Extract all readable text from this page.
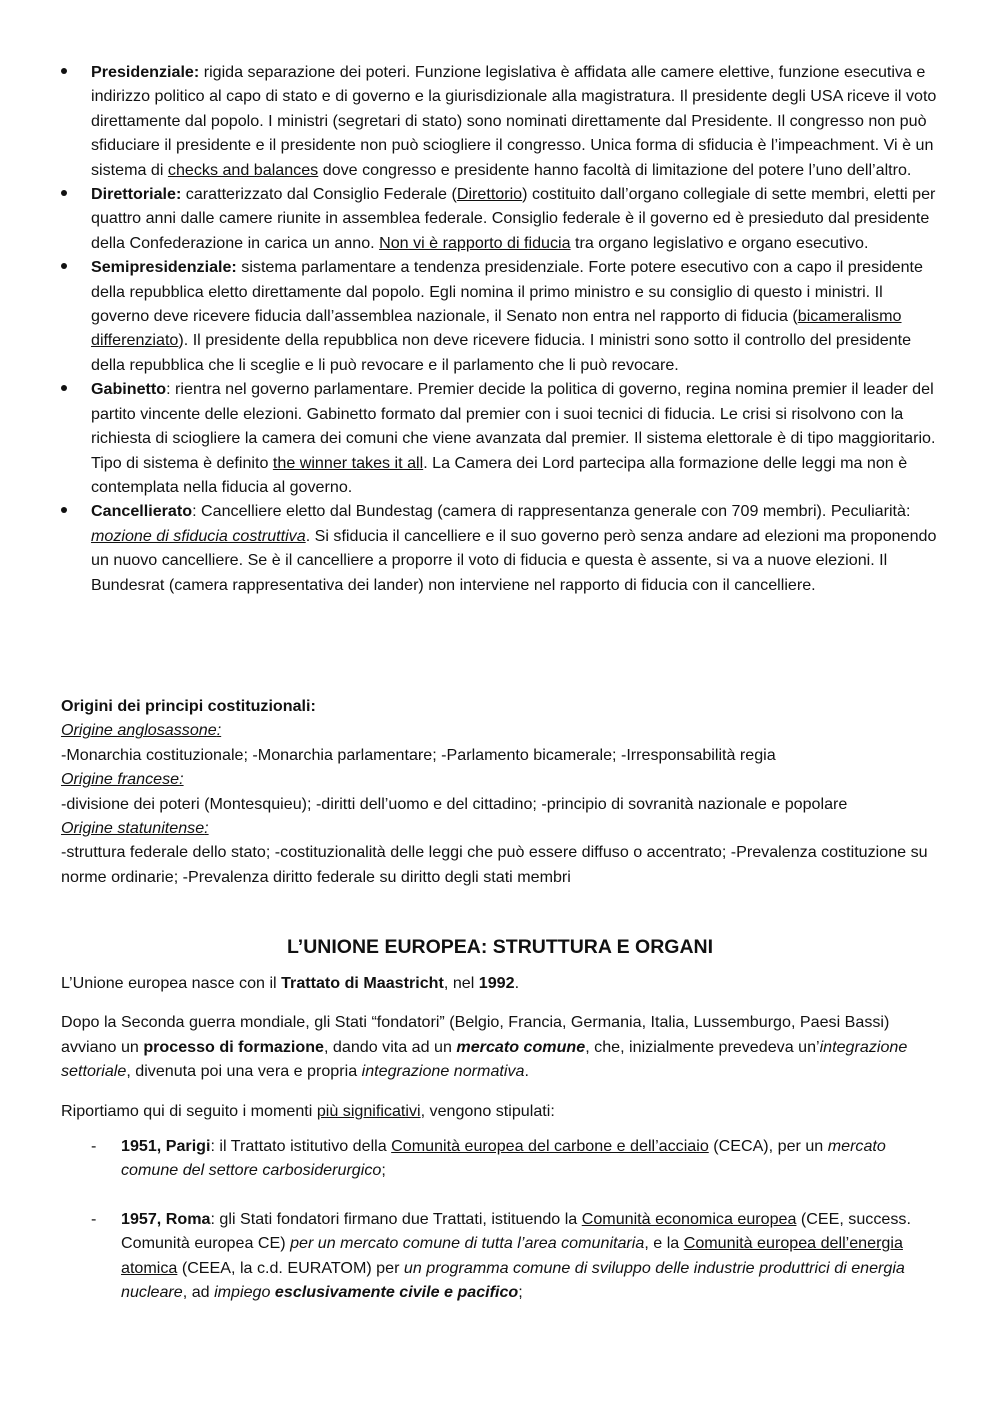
Presidenziale: rigida separazione dei poteri. Funzione legislativa è affidata alle camere elettive, funzione esecutiva e indirizzo politico al capo di stato e di governo e la giurisdizionale alla magistratura. Il presidente degli USA riceve il voto direttamente dal popolo. I ministri (segretari di stato) sono nominati direttamente dal Presidente. Il congresso non può sfiduciare il presidente e il presidente non può sciogliere il congresso. Unica forma di sfiducia è l’impeachment. Vi è un sistema di checks and balances dove congresso e presidente hanno facoltà di limitazione del potere l’uno dell’altro.
Direttoriale: caratterizzato dal Consiglio Federale (Direttorio) costituito dall’organo collegiale di sette membri, eletti per quattro anni dalle camere riunite in assemblea federale. Consiglio federale è il governo ed è presieduto dal presidente della Confederazione in carica un anno. Non vi è rapporto di fiducia tra organo legislativo e organo esecutivo.
Semipresidenziale: sistema parlamentare a tendenza presidenziale. Forte potere esecutivo con a capo il presidente della repubblica eletto direttamente dal popolo. Egli nomina il primo ministro e su consiglio di questo i ministri. Il governo deve ricevere fiducia dall’assemblea nazionale, il Senato non entra nel rapporto di fiducia (bicameralismo differenziato). Il presidente della repubblica non deve ricevere fiducia. I ministri sono sotto il controllo del presidente della repubblica che li sceglie e li può revocare e il parlamento che li può revocare.
Gabinetto: rientra nel governo parlamentare. Premier decide la politica di governo, regina nomina premier il leader del partito vincente delle elezioni. Gabinetto formato dal premier con i suoi tecnici di fiducia. Le crisi si risolvono con la richiesta di sciogliere la camera dei comuni che viene avanzata dal premier. Il sistema elettorale è di tipo maggioritario. Tipo di sistema è definito the winner takes it all. La Camera dei Lord partecipa alla formazione delle leggi ma non è contemplata nella fiducia al governo.
Cancellierato: Cancelliere eletto dal Bundestag (camera di rappresentanza generale con 709 membri). Peculiarità: mozione di sfiducia costruttiva. Si sfiducia il cancelliere e il suo governo però senza andare ad elezioni ma proponendo un nuovo cancelliere. Se è il cancelliere a proporre il voto di fiducia e questa è assente, si va a nuove elezioni. Il Bundesrat (camera rappresentativa dei lander) non interviene nel rapporto di fiducia con il cancelliere.

Origini dei principi costituzionali:

Origine anglosassone:

-Monarchia costituzionale; -Monarchia parlamentare; -Parlamento bicamerale; -Irresponsabilità regia

Origine francese:

-divisione dei poteri (Montesquieu); -diritti dell’uomo e del cittadino; -principio di sovranità nazionale e popolare

Origine statunitense:

-struttura federale dello stato; -costituzionalità delle leggi che può essere diffuso o accentrato; -Prevalenza costituzione su norme ordinarie; -Prevalenza diritto federale su diritto degli stati membri

L’UNIONE EUROPEA: STRUTTURA E ORGANI

L’Unione europea nasce con il Trattato di Maastricht, nel 1992.

Dopo la Seconda guerra mondiale, gli Stati “fondatori” (Belgio, Francia, Germania, Italia, Lussemburgo, Paesi Bassi) avviano un processo di formazione, dando vita ad un mercato comune, che, inizialmente prevedeva un’integrazione settoriale, divenuta poi una vera e propria integrazione normativa.

Riportiamo qui di seguito i momenti più significativi, vengono stipulati:

- 1951, Parigi: il Trattato istitutivo della Comunità europea del carbone e dell’acciaio (CECA), per un mercato comune del settore carbosiderurgico;
- 1957, Roma: gli Stati fondatori firmano due Trattati, istituendo la Comunità economica europea (CEE, success. Comunità europea CE) per un mercato comune di tutta l’area comunitaria, e la Comunità europea dell’energia atomica (CEEA, la c.d. EURATOM) per un programma comune di sviluppo delle industrie produttrici di energia nucleare, ad impiego esclusivamente civile e pacifico;
